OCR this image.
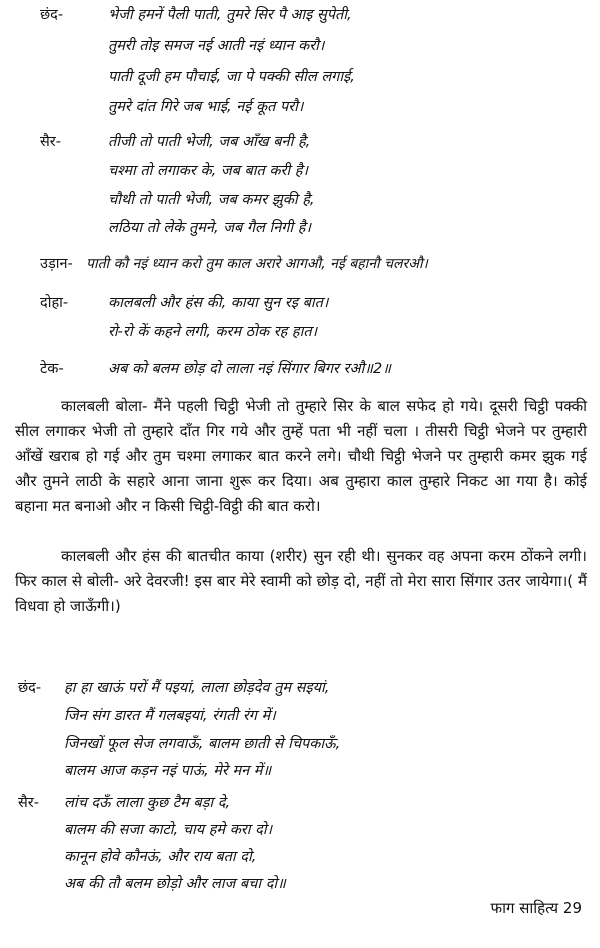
छंद-	भेजी हमनें पैली पाती, तुमरे सिर पै आइ सुपेती,
तुमरी तोइ समज नई आती नइं ध्यान करौ।
पाती दूजी हम पौचाई, जा पे पक्की सील लगाई,
तुमरे दांत गिरे जब भाई, नई कूत परौ।
सैर-	तीजी तो पाती भेजी, जब आँख बनी है,
चश्मा तो लगाकर के, जब बात करी है।
चौथी तो पाती भेजी, जब कमर झुकी है,
लठिया तो लेके तुमने, जब गैल निगी है।
उड़ान- पाती कौ नइं ध्यान करो तुम काल अरारे आगऔ, नई बहानौ चलरऔ।
दोहा-	कालबली और हंस की, काया सुन रइ बात।
रो-रो कें कहने लगी, करम ठोक रह हात।
टेक-	अब को बलम छोड़ दो लाला नइं सिंगार बिगर रऔ॥2॥

कालबली बोला- मैंने पहली चिट्ठी भेजी तो तुम्हारे सिर के बाल सफेद हो गये। दूसरी चिट्ठी पक्की सील लगाकर भेजी तो तुम्हारे दाँत गिर गये और तुम्हें पता भी नहीं चला । तीसरी चिट्ठी भेजने पर तुम्हारी आँखें खराब हो गई और तुम चश्मा लगाकर बात करने लगे। चौथी चिट्ठी भेजने पर तुम्हारी कमर झुक गई और तुमने लाठी के सहारे आना जाना शुरू कर दिया। अब तुम्हारा काल तुम्हारे निकट आ गया है। कोई बहाना मत बनाओ और न किसी चिट्ठी-विट्ठी की बात करो।

कालबली और हंस की बातचीत काया (शरीर) सुन रही थी। सुनकर वह अपना करम ठोंकने लगी। फिर काल से बोली- अरे देवरजी! इस बार मेरे स्वामी को छोड़ दो, नहीं तो मेरा सारा सिंगार उतर जायेगा।( मैं विधवा हो जाऊँगी।)

छंद- हा हा खाऊं परों मैं पइयां, लाला छोड़देव तुम सइयां,
जिन संग डारत मैं गलबइयां, रंगती रंग में।
जिनखों फूल सेज लगवाऊँ, बालम छाती से चिपकाऊँ,
बालम आज कड़न नइं पाऊं, मेरे मन में॥
सैर- लांच दऊँ लाला कुछ टैम बड़ा दे,
बालम की सजा काटो, चाय हमे करा दो।
कानून होवे कौनऊं, और राय बता दो,
अब की तौ बलम छोड़ो और लाज बचा दो॥
फाग साहित्य 29
